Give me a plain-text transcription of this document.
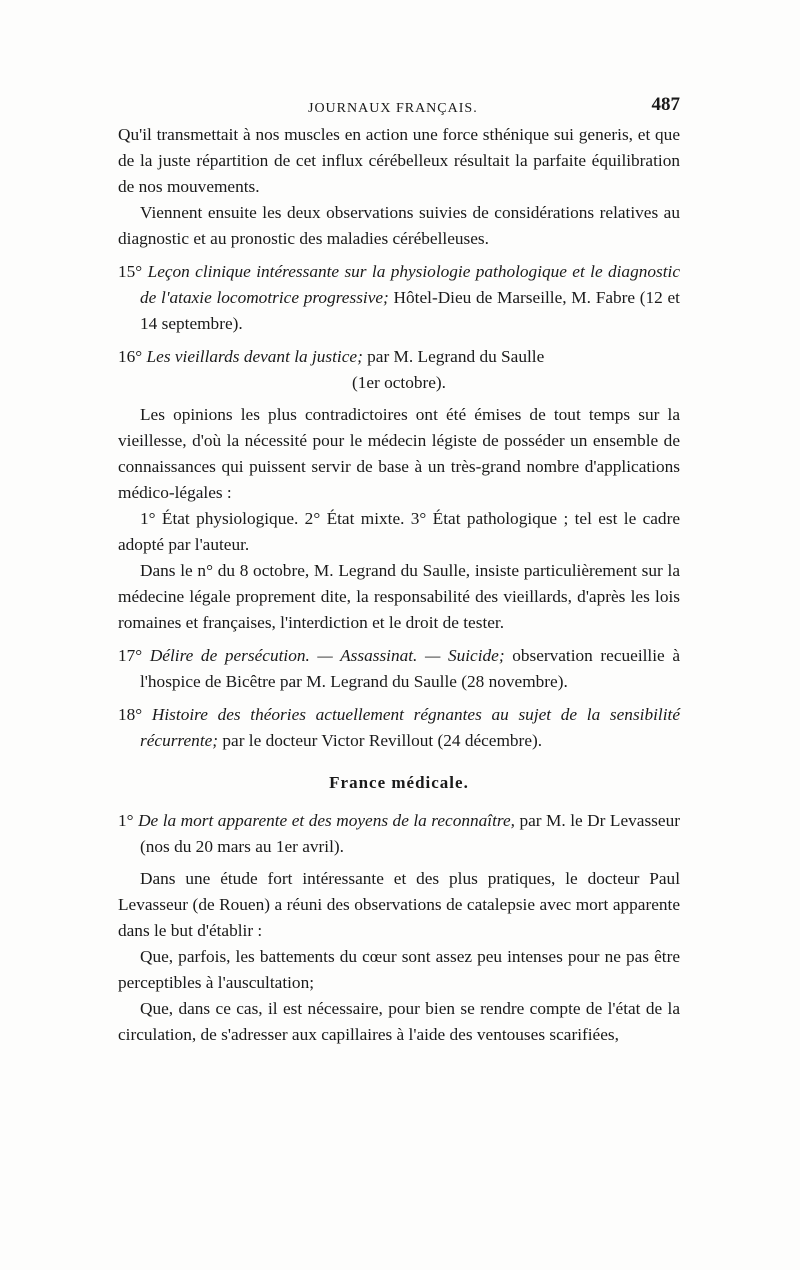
JOURNAUX FRANÇAIS.	487

Qu'il transmettait à nos muscles en action une force sthénique sui generis, et que de la juste répartition de cet influx cérébelleux résultait la parfaite équilibration de nos mouvements.

Viennent ensuite les deux observations suivies de considérations relatives au diagnostic et au pronostic des maladies cérébelleuses.

15° Leçon clinique intéressante sur la physiologie pathologique et le diagnostic de l'ataxie locomotrice progressive; Hôtel-Dieu de Marseille, M. Fabre (12 et 14 septembre).
16° Les vieillards devant la justice; par M. Legrand du Saulle

(1er octobre).

Les opinions les plus contradictoires ont été émises de tout temps sur la vieillesse, d'où la nécessité pour le médecin légiste de posséder un ensemble de connaissances qui puissent servir de base à un très-grand nombre d'applications médico-légales :

1° État physiologique. 2° État mixte. 3° État pathologique ; tel est le cadre adopté par l'auteur.

Dans le n° du 8 octobre, M. Legrand du Saulle, insiste particulièrement sur la médecine légale proprement dite, la responsabilité des vieillards, d'après les lois romaines et françaises, l'interdiction et le droit de tester.

17° Délire de persécution. — Assassinat. — Suicide; observation recueillie à l'hospice de Bicêtre par M. Legrand du Saulle (28 novembre).
18° Histoire des théories actuellement régnantes au sujet de la sensibilité récurrente; par le docteur Victor Revillout (24 décembre).
France médicale.
1° De la mort apparente et des moyens de la reconnaître, par M. le Dr Levasseur (nos du 20 mars au 1er avril).

Dans une étude fort intéressante et des plus pratiques, le docteur Paul Levasseur (de Rouen) a réuni des observations de catalepsie avec mort apparente dans le but d'établir :

Que, parfois, les battements du cœur sont assez peu intenses pour ne pas être perceptibles à l'auscultation;

Que, dans ce cas, il est nécessaire, pour bien se rendre compte de l'état de la circulation, de s'adresser aux capillaires à l'aide des ventouses scarifiées,
